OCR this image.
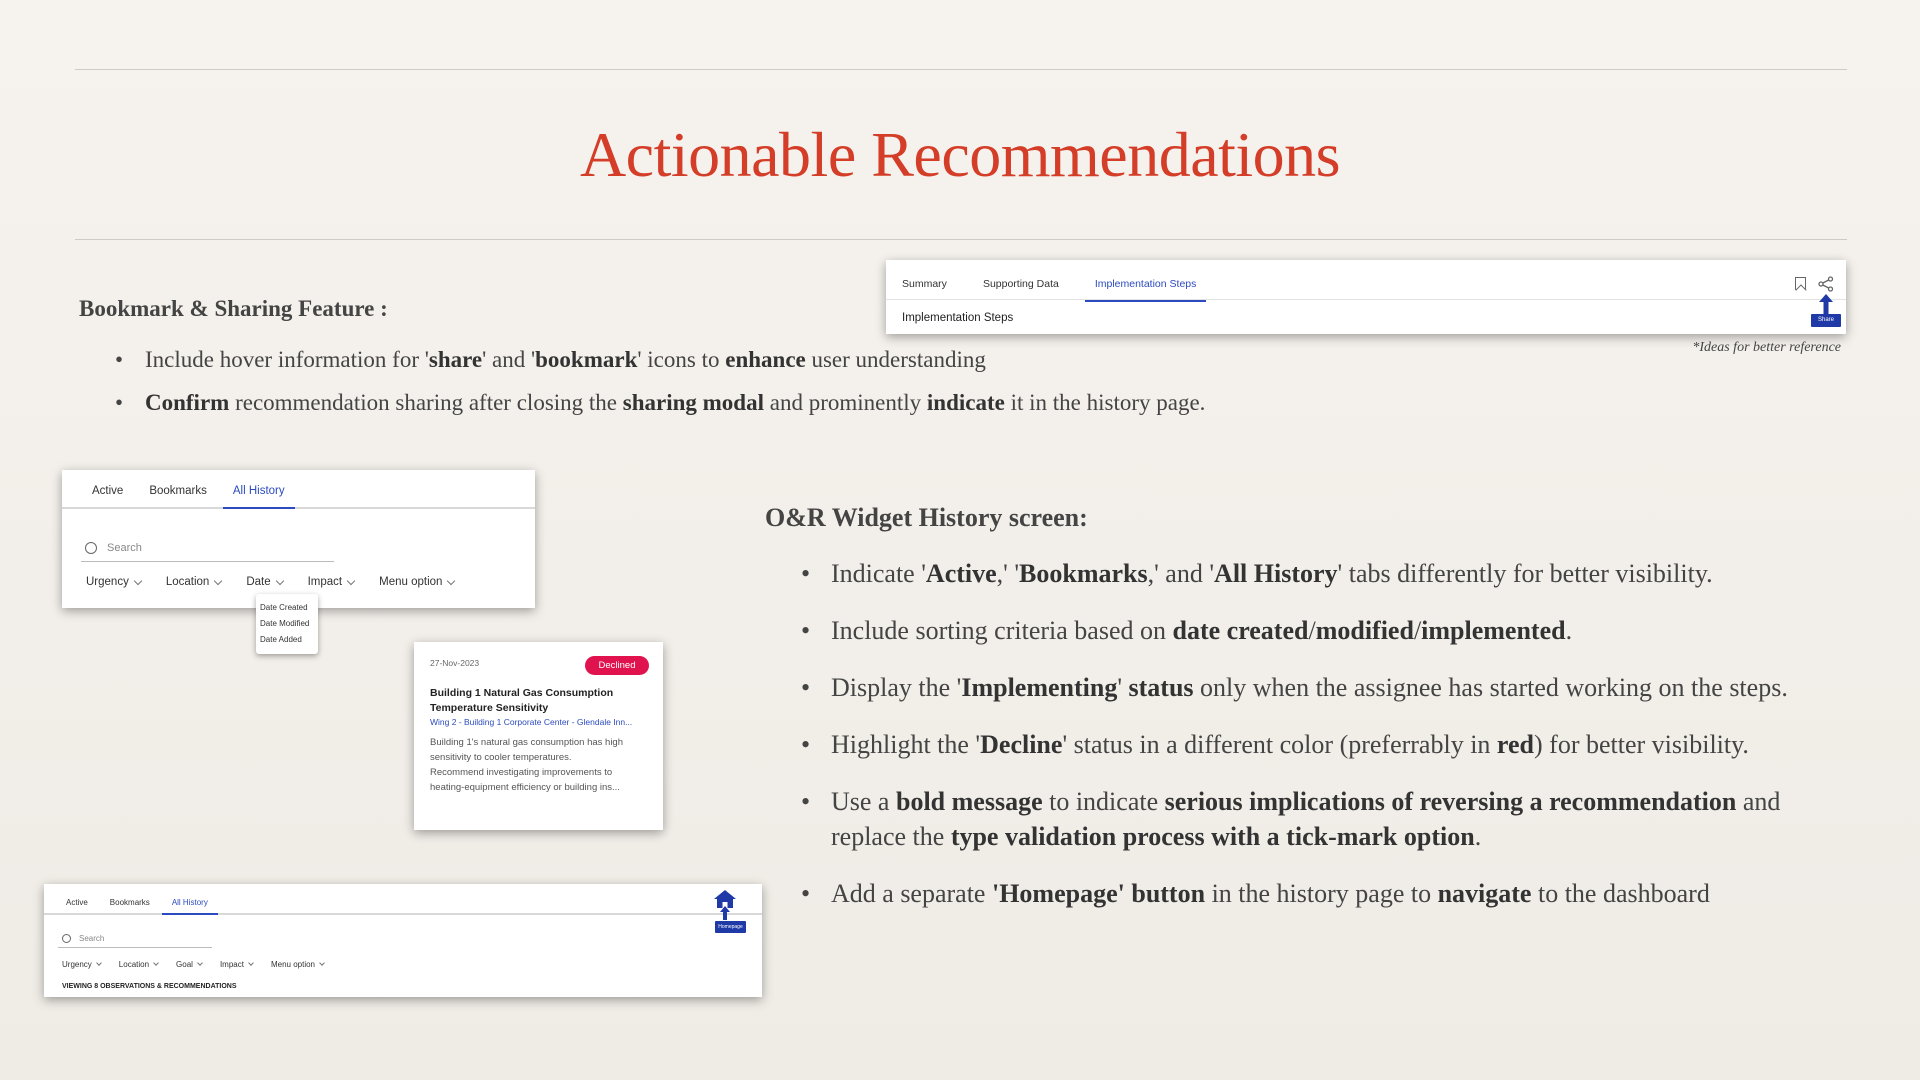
Actionable Recommendations
Bookmark & Sharing Feature :
• Include hover information for 'share' and 'bookmark' icons to enhance user understanding
• Confirm recommendation sharing after closing the sharing modal and prominently indicate it in the history page.
Summary	Supporting Data	Implementation Steps
Implementation Steps	Share
*Ideas for better reference
Active Bookmarks All History
Search
Urgency	Location	Date	Impact	Menu option
Date Created
Date Modified
Date Added
27-Nov-2023	Declined
Building 1 Natural Gas Consumption
Temperature Sensitivity
Wing 2 - Building 1 Corporate Center - Glendale Inn...
Building 1's natural gas consumption has high
sensitivity to cooler temperatures.
Recommend investigating improvements to
heating-equipment efficiency or building ins...
O&R Widget History screen:
• Indicate 'Active,' 'Bookmarks,' and 'All History' tabs differently for better visibility.
• Include sorting criteria based on date created/modified/implemented.
• Display the 'Implementing' status only when the assignee has started working on the steps.
• Highlight the 'Decline' status in a different color (preferrably in red) for better visibility.
• Use a bold message to indicate serious implications of reversing a recommendation and replace the type validation process with a tick-mark option.
• Add a separate 'Homepage' button in the history page to navigate to the dashboard
Active	Bookmarks	All History
Homepage
Search
Urgency	Location	Goal	Impact	Menu option
VIEWING 8 OBSERVATIONS & RECOMMENDATIONS
